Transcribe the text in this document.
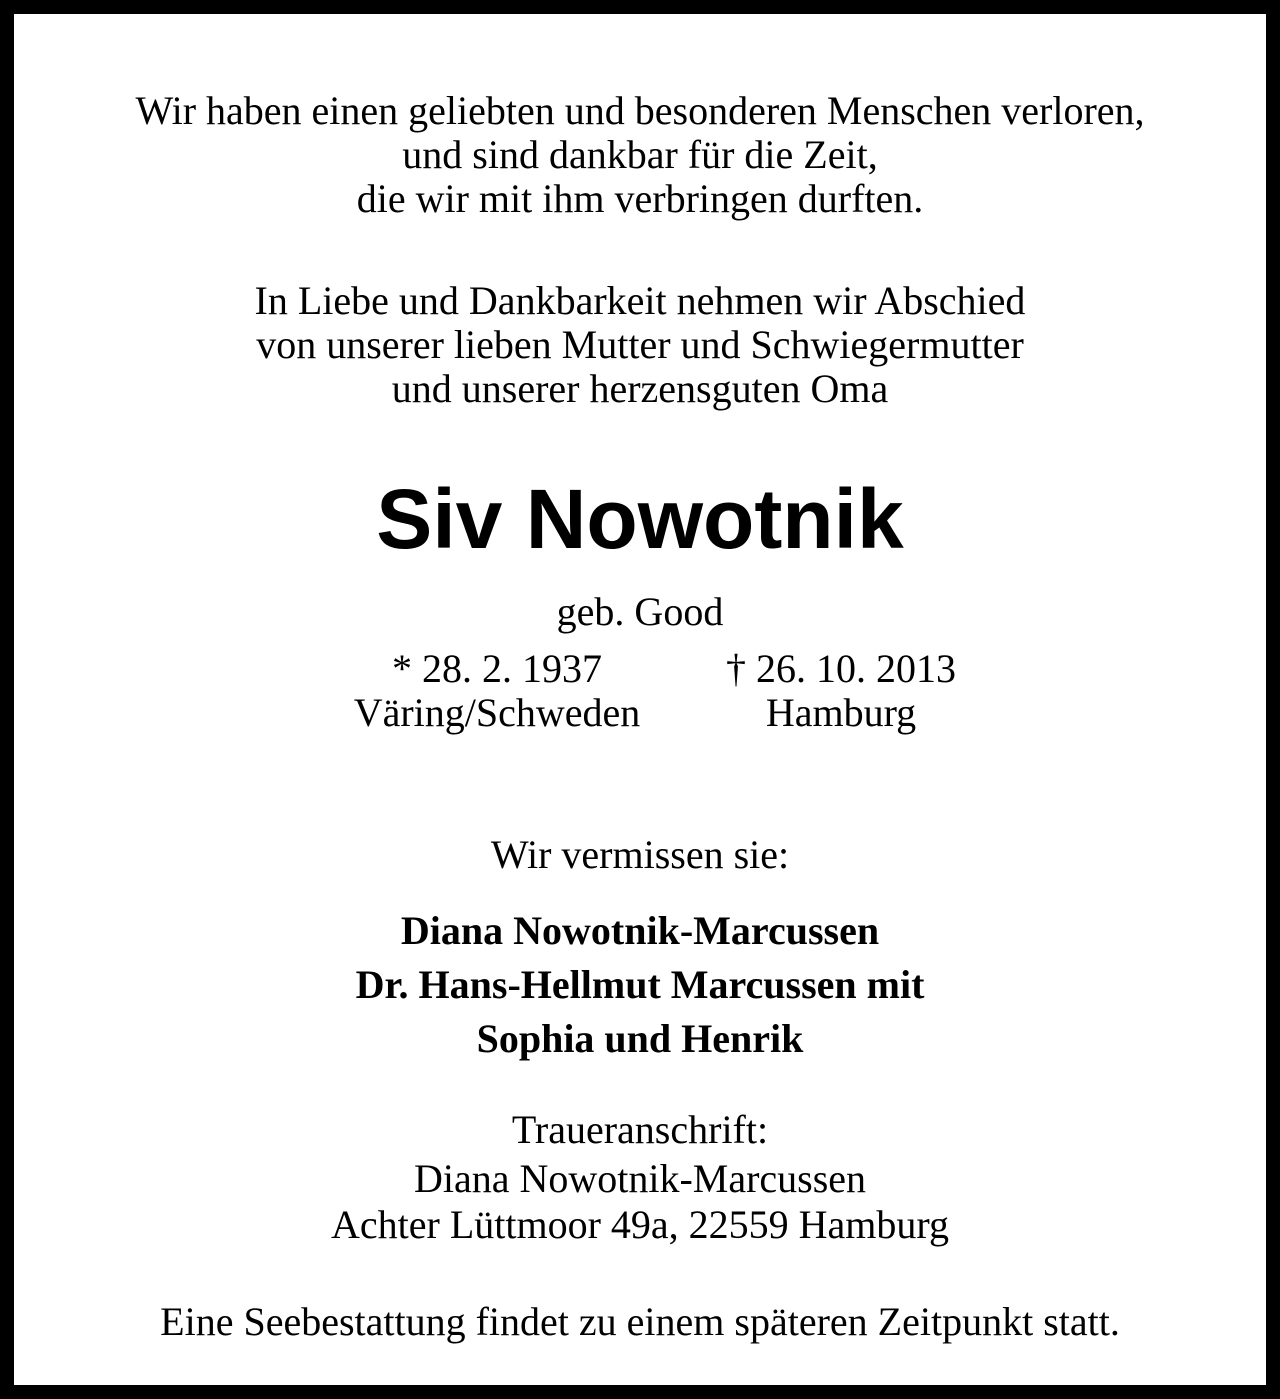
Wir haben einen geliebten und besonderen Menschen verloren,
und sind dankbar für die Zeit,
die wir mit ihm verbringen durften.
In Liebe und Dankbarkeit nehmen wir Abschied
von unserer lieben Mutter und Schwiegermutter
und unserer herzensguten Oma
Siv Nowotnik
geb. Good
* 28. 2. 1937
Väring/Schweden
† 26. 10. 2013
Hamburg
Wir vermissen sie:
Diana Nowotnik-Marcussen
Dr. Hans-Hellmut Marcussen mit
Sophia und Henrik
Traueranschrift:
Diana Nowotnik-Marcussen
Achter Lüttmoor 49a, 22559 Hamburg
Eine Seebestattung findet zu einem späteren Zeitpunkt statt.
